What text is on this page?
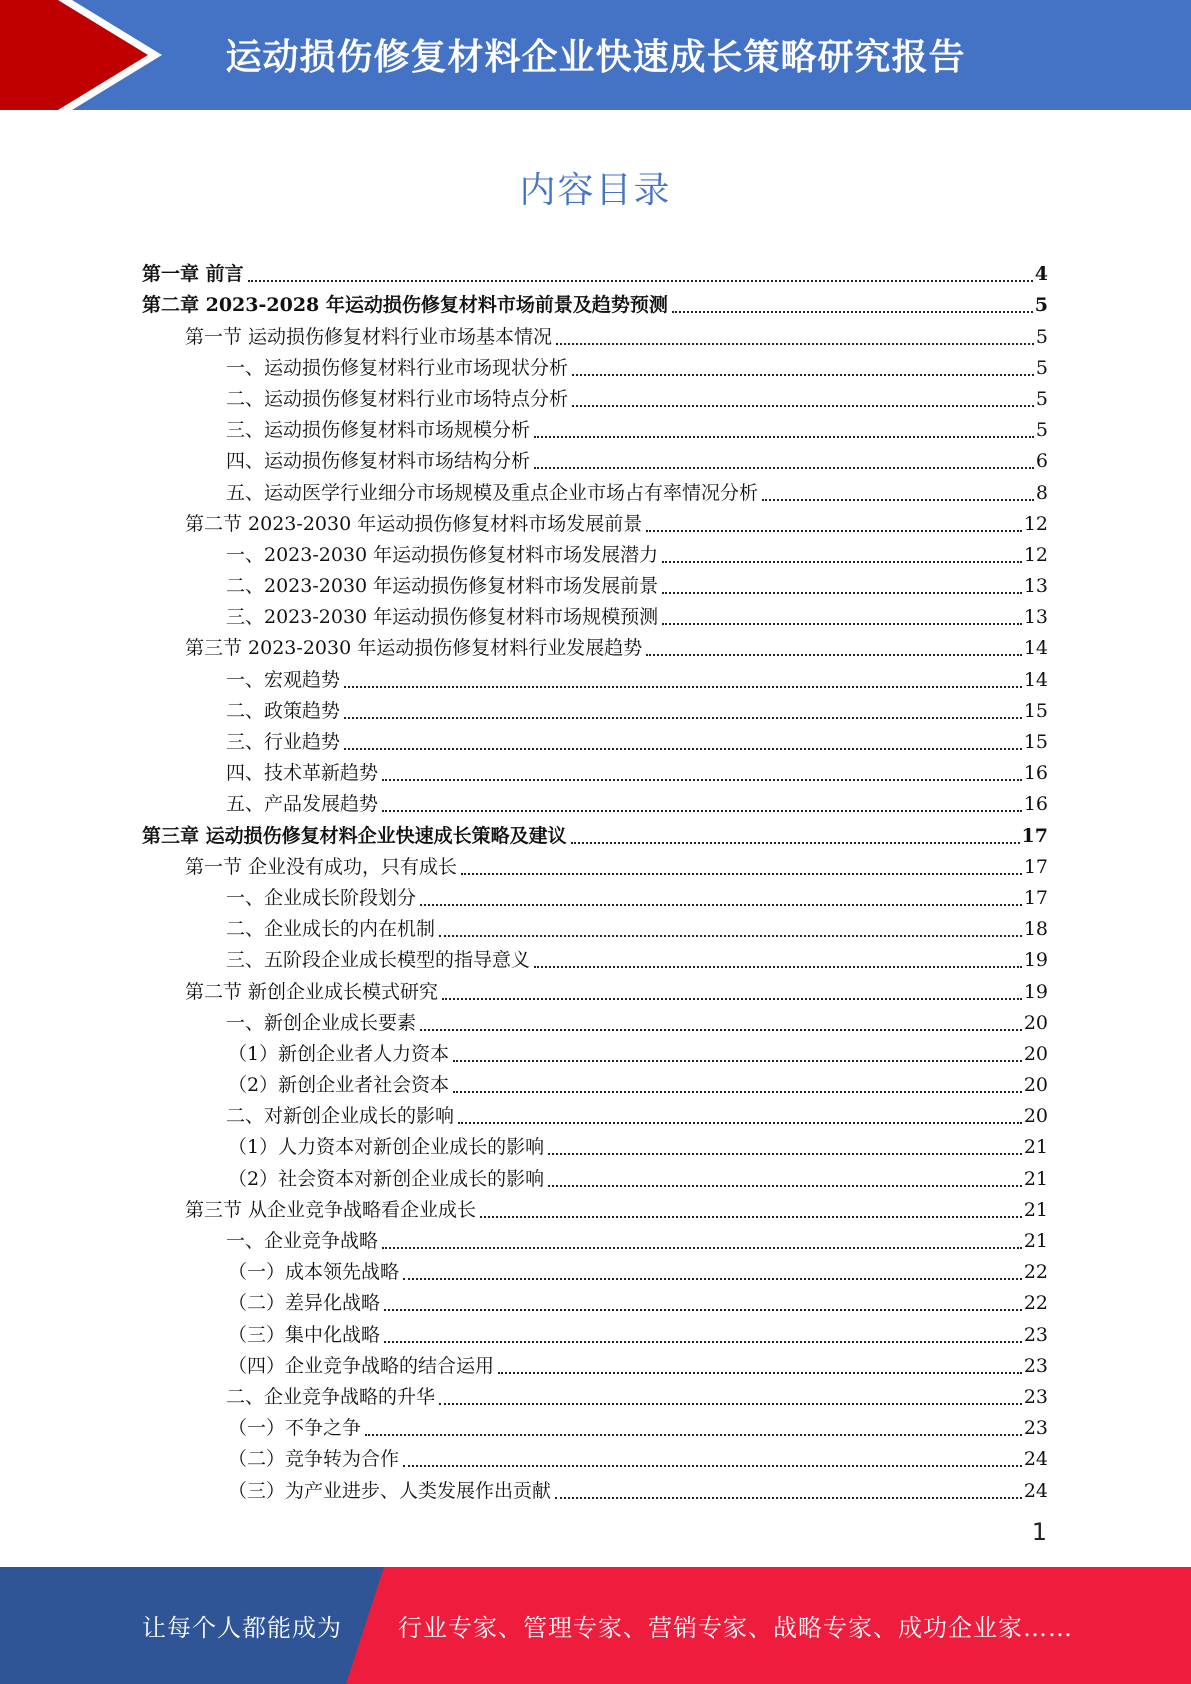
运动损伤修复材料企业快速成长策略研究报告
内容目录
第一章 前言	4
第二章 2023-2028 年运动损伤修复材料市场前景及趋势预测	5
第一节 运动损伤修复材料行业市场基本情况	5
一、运动损伤修复材料行业市场现状分析	5
二、运动损伤修复材料行业市场特点分析	5
三、运动损伤修复材料市场规模分析	5
四、运动损伤修复材料市场结构分析	6
五、运动医学行业细分市场规模及重点企业市场占有率情况分析	8
第二节 2023-2030 年运动损伤修复材料市场发展前景	12
一、2023-2030 年运动损伤修复材料市场发展潜力	12
二、2023-2030 年运动损伤修复材料市场发展前景	13
三、2023-2030 年运动损伤修复材料市场规模预测	13
第三节 2023-2030 年运动损伤修复材料行业发展趋势	14
一、宏观趋势	14
二、政策趋势	15
三、行业趋势	15
四、技术革新趋势	16
五、产品发展趋势	16
第三章 运动损伤修复材料企业快速成长策略及建议	17
第一节 企业没有成功，只有成长	17
一、企业成长阶段划分	17
二、企业成长的内在机制	18
三、五阶段企业成长模型的指导意义	19
第二节 新创企业成长模式研究	19
一、新创企业成长要素	20
（1）新创企业者人力资本	20
（2）新创企业者社会资本	20
二、对新创企业成长的影响	20
（1）人力资本对新创企业成长的影响	21
（2）社会资本对新创企业成长的影响	21
第三节 从企业竞争战略看企业成长	21
一、企业竞争战略	21
（一）成本领先战略	22
（二）差异化战略	22
（三）集中化战略	23
（四）企业竞争战略的结合运用	23
二、企业竞争战略的升华	23
（一）不争之争	23
（二）竞争转为合作	24
（三）为产业进步、人类发展作出贡献	24
1
让每个人都能成为 行业专家、管理专家、营销专家、战略专家、成功企业家……
